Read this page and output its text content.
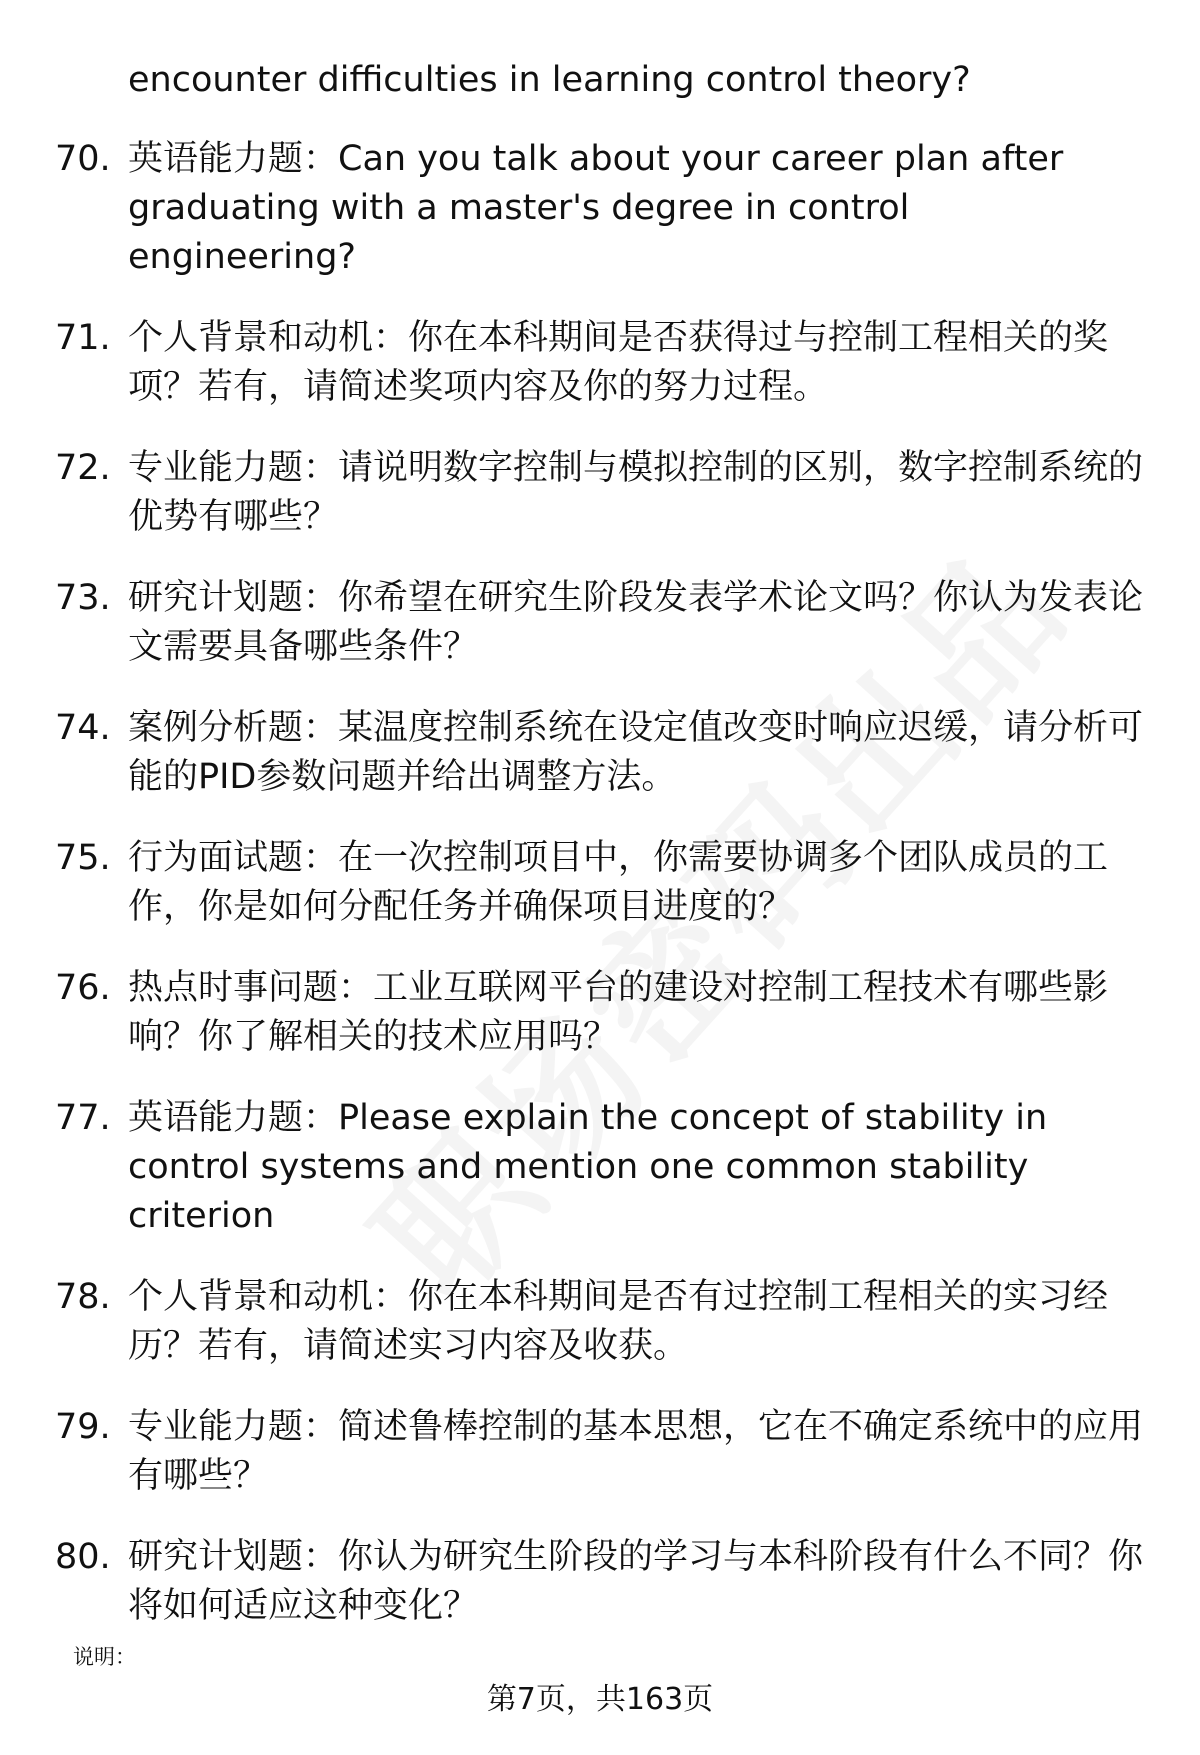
encounter difficulties in learning control theory?
70. 英语能力题：Can you talk about your career plan after graduating with a master's degree in control engineering?
71. 个人背景和动机：你在本科期间是否获得过与控制工程相关的奖项？若有，请简述奖项内容及你的努力过程。
72. 专业能力题：请说明数字控制与模拟控制的区别，数字控制系统的优势有哪些？
73. 研究计划题：你希望在研究生阶段发表学术论文吗？你认为发表论文需要具备哪些条件？
74. 案例分析题：某温度控制系统在设定值改变时响应迟缓，请分析可能的PID参数问题并给出调整方法。
75. 行为面试题：在一次控制项目中，你需要协调多个团队成员的工作，你是如何分配任务并确保项目进度的？
76. 热点时事问题：工业互联网平台的建设对控制工程技术有哪些影响？你了解相关的技术应用吗？
77. 英语能力题：Please explain the concept of stability in control systems and mention one common stability criterion
78. 个人背景和动机：你在本科期间是否有过控制工程相关的实习经历？若有，请简述实习内容及收获。
79. 专业能力题：简述鲁棒控制的基本思想，它在不确定系统中的应用有哪些？
80. 研究计划题：你认为研究生阶段的学习与本科阶段有什么不同？你将如何适应这种变化？
说明：
第7页，共163页
